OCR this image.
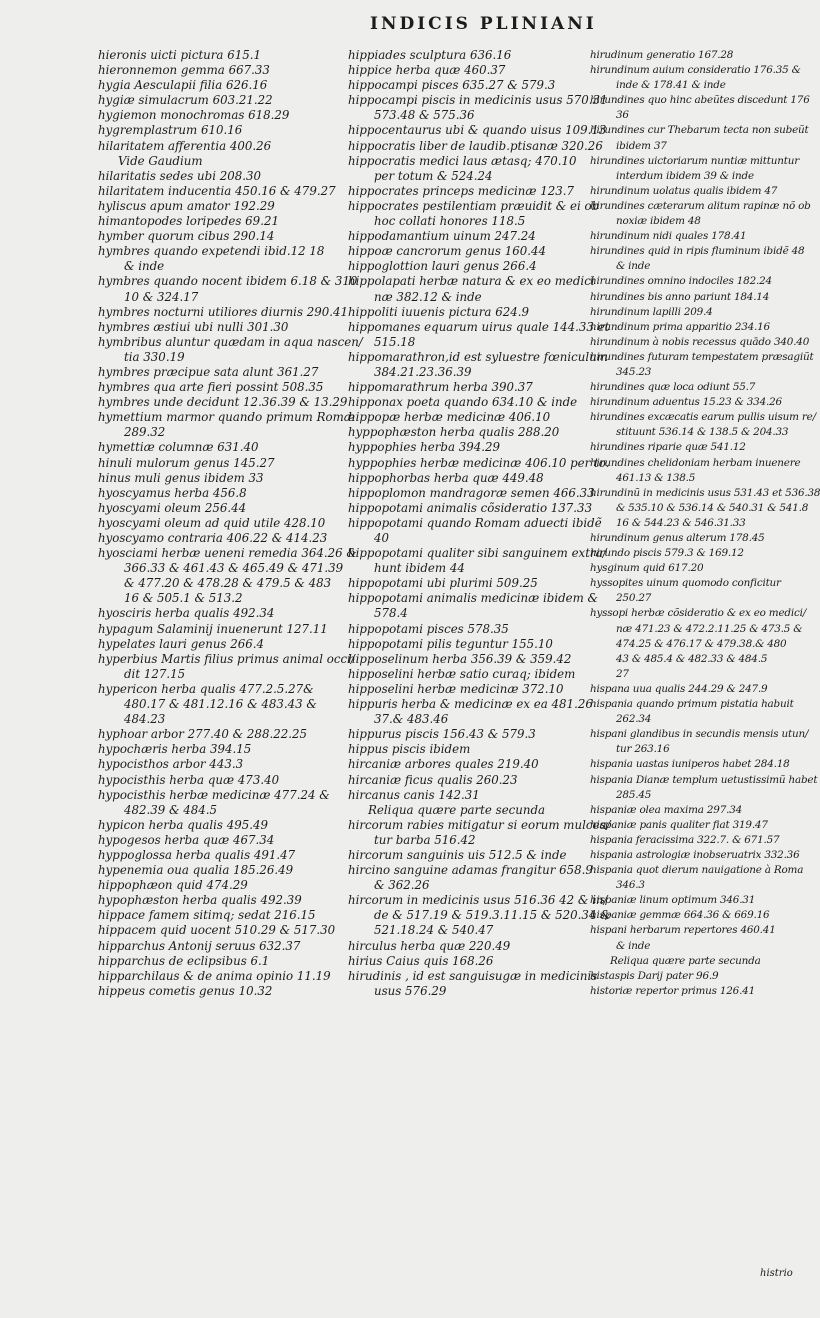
INDICIS PLINIANI
hieronis uicti pictura 615.1
hieronnemon gemma 667.33
hygia Aesculapii filia 626.16
hygiæ simulacrum 603.21.22
hygiemon monochromas 618.29
hygremplastrum 610.16
hilaritatem afferentia 400.26
Vide Gaudium
hilaritatis sedes ubi 208.30
hilaritatem inducentia 450.16 & 479.27
hyliscus apum amator 192.29
himantopodes loripedes 69.21
hymber quorum cibus 290.14
hymbres quando expetendi ibid.12 18
& inde
hymbres quando nocent ibidem 6.18 & 310
10 & 324.17
hymbres nocturni utiliores diurnis 290.41
hymbres æstiui ubi nulli 301.30
hymbribus aluntur quædam in aqua nascen/
tia 330.19
hymbres præcipue sata alunt 361.27
hymbres qua arte fieri possint 508.35
hymbres unde decidunt 12.36.39 & 13.29
hymettium marmor quando primum Romæ
289.32
hymettiæ columnæ 631.40
hinuli mulorum genus 145.27
hinus muli genus ibidem 33
hyoscyamus herba 456.8
hyoscyami oleum 256.44
hyoscyami oleum ad quid utile 428.10
hyoscyamo contraria 406.22 & 414.23
hyosciami herbæ ueneni remedia 364.26 &
366.33 & 461.43 & 465.49 & 471.39
& 477.20 & 478.28 & 479.5 & 483
16 & 505.1 & 513.2
hyosciris herba qualis 492.34
hypagum Salaminij inuenerunt 127.11
hypelates lauri genus 266.4
hyperbius Martis filius primus animal occi/
dit 127.15
hypericon herba qualis 477.2.5.27&
480.17 & 481.12.16 & 483.43 &
484.23
hyphoar arbor 277.40 & 288.22.25
hypochæris herba 394.15
hypocisthos arbor 443.3
hypocisthis herba quæ 473.40
hypocisthis herbæ medicinæ 477.24 &
482.39 & 484.5
hypicon herba qualis 495.49
hypogesos herba quæ 467.34
hyppoglossa herba qualis 491.47
hypenemia oua qualia 185.26.49
hippophæon quid 474.29
hypophæston herba qualis 492.39
hippace famem sitimq; sedat 216.15
hippacem quid uocent 510.29 & 517.30
hipparchus Antonij seruus 632.37
hipparchus de eclipsibus 6.1
hipparchilaus & de anima opinio 11.19
hippeus cometis genus 10.32
hippiades sculptura 636.16
hippice herba quæ 460.37
hippocampi pisces 635.27 & 579.3
hippocampi piscis in medicinis usus 570.31
573.48 & 575.36
hippocentaurus ubi & quando uisus 109.13
hippocratis liber de laudib.ptisanæ 320.26
hippocratis medici laus ætasq; 470.10
per totum & 524.24
hippocrates princeps medicinæ 123.7
hippocrates pestilentiam præuidit & ei ob
hoc collati honores 118.5
hippodamantium uinum 247.24
hippoæ cancrorum genus 160.44
hippoglottion lauri genus 266.4
hippolapati herbæ natura & ex eo medici
næ 382.12 & inde
hippoliti iuuenis pictura 624.9
hippomanes equarum uirus quale 144.33 et
515.18
hippomarathron,id est syluestre fœniculum
384.21.23.36.39
hippomarathrum herba 390.37
hipponax poeta quando 634.10 & inde
hippopæ herbæ medicinæ 406.10
hyppophæston herba qualis 288.20
hyppophies herba 394.29
hyppophies herbæ medicinæ 406.10 per to.
hippophorbas herba quæ 449.48
hippoplomon mandragoræ semen 466.33
hippopotami animalis cõsideratio 137.33
hippopotami quando Romam aduecti ibidẽ
40
hippopotami qualiter sibi sanguinem extra/
hunt ibidem 44
hippopotami ubi plurimi 509.25
hippopotami animalis medicinæ ibidem &
578.4
hippopotami pisces 578.35
hippopotami pilis teguntur 155.10
hipposelinum herba 356.39 & 359.42
hipposelini herbæ satio curaq; ibidem
hipposelini herbæ medicinæ 372.10
hippuris herba & medicinæ ex ea 481.26
37.& 483.46
hippurus piscis 156.43 & 579.3
hippus piscis ibidem
hircaniæ arbores quales 219.40
hircaniæ ficus qualis 260.23
hircanus canis 142.31
Reliqua quære parte secunda
hircorum rabies mitigatur si eorum mulcea/
tur barba 516.42
hircorum sanguinis uis 512.5 & inde
hircino sanguine adamas frangitur 658.9
& 362.26
hircorum in medicinis usus 516.36 42 & in/
de & 517.19 & 519.3.11.15 & 520.34 &
521.18.24 & 540.47
hirculus herba quæ 220.49
hirius Caius quis 168.26
hirudinis , id est sanguisugæ in medicinis
usus 576.29
hirudinum generatio 167.28
hirundinum auium consideratio 176.35 &
inde & 178.41 & inde
hirundines quo hinc abeũtes discedunt 176
36
hirundines cur Thebarum tecta non subeũt
ibidem 37
hirundines uictoriarum nuntiæ mittuntur
interdum ibidem 39 & inde
hirundinum uolatus qualis ibidem 47
hirundines cæterarum alitum rapinæ nõ ob
noxiæ ibidem 48
hirundinum nidi quales 178.41
hirundines quid in ripis fluminum ibidẽ 48
& inde
hirundines omnino indociles 182.24
hirundines bis anno pariunt 184.14
hirundinum lapilli 209.4
hirundinum prima apparitio 234.16
hirundinum à nobis recessus quādo 340.40
hirundines futuram tempestatem præsagiũt
345.23
hirundines quæ loca odiunt 55.7
hirundinum aduentus 15.23 & 334.26
hirundines excæcatis earum pullis uisum re/
stituunt 536.14 & 138.5 & 204.33
hirundines riparie quæ 541.12
hirundines chelidoniam herbam inuenere
461.13 & 138.5
hirundinũ in medicinis usus 531.43 et 536.38
& 535.10 & 536.14 & 540.31 & 541.8
16 & 544.23 & 546.31.33
hirundinum genus alterum 178.45
hirundo piscis 579.3 & 169.12
hysginum quid 617.20
hyssopites uinum quomodo conficitur
250.27
hyssopi herbæ cõsideratio & ex eo medici/
næ 471.23 & 472.2.11.25 & 473.5 &
474.25 & 476.17 & 479.38.& 480
43 & 485.4 & 482.33 & 484.5
27
hispana uua qualis 244.29 & 247.9
hispania quando primum pistatia habuit
262.34
hispani glandibus in secundis mensis utun/
tur 263.16
hispania uastas iuniperos habet 284.18
hispania Dianæ templum uetustissimũ habet
285.45
hispaniæ olea maxima 297.34
hispaniæ panis qualiter fiat 319.47
hispania feracissima 322.7. & 671.57
hispania astrologiæ inobseruatrix 332.36
hispania quot dierum nauigatione à Roma
346.3
hispaniæ linum optimum 346.31
hispaniæ gemmæ 664.36 & 669.16
hispani herbarum repertores 460.41
& inde
Reliqua quære parte secunda
histaspis Darij pater 96.9
historiæ repertor primus 126.41
histrio
